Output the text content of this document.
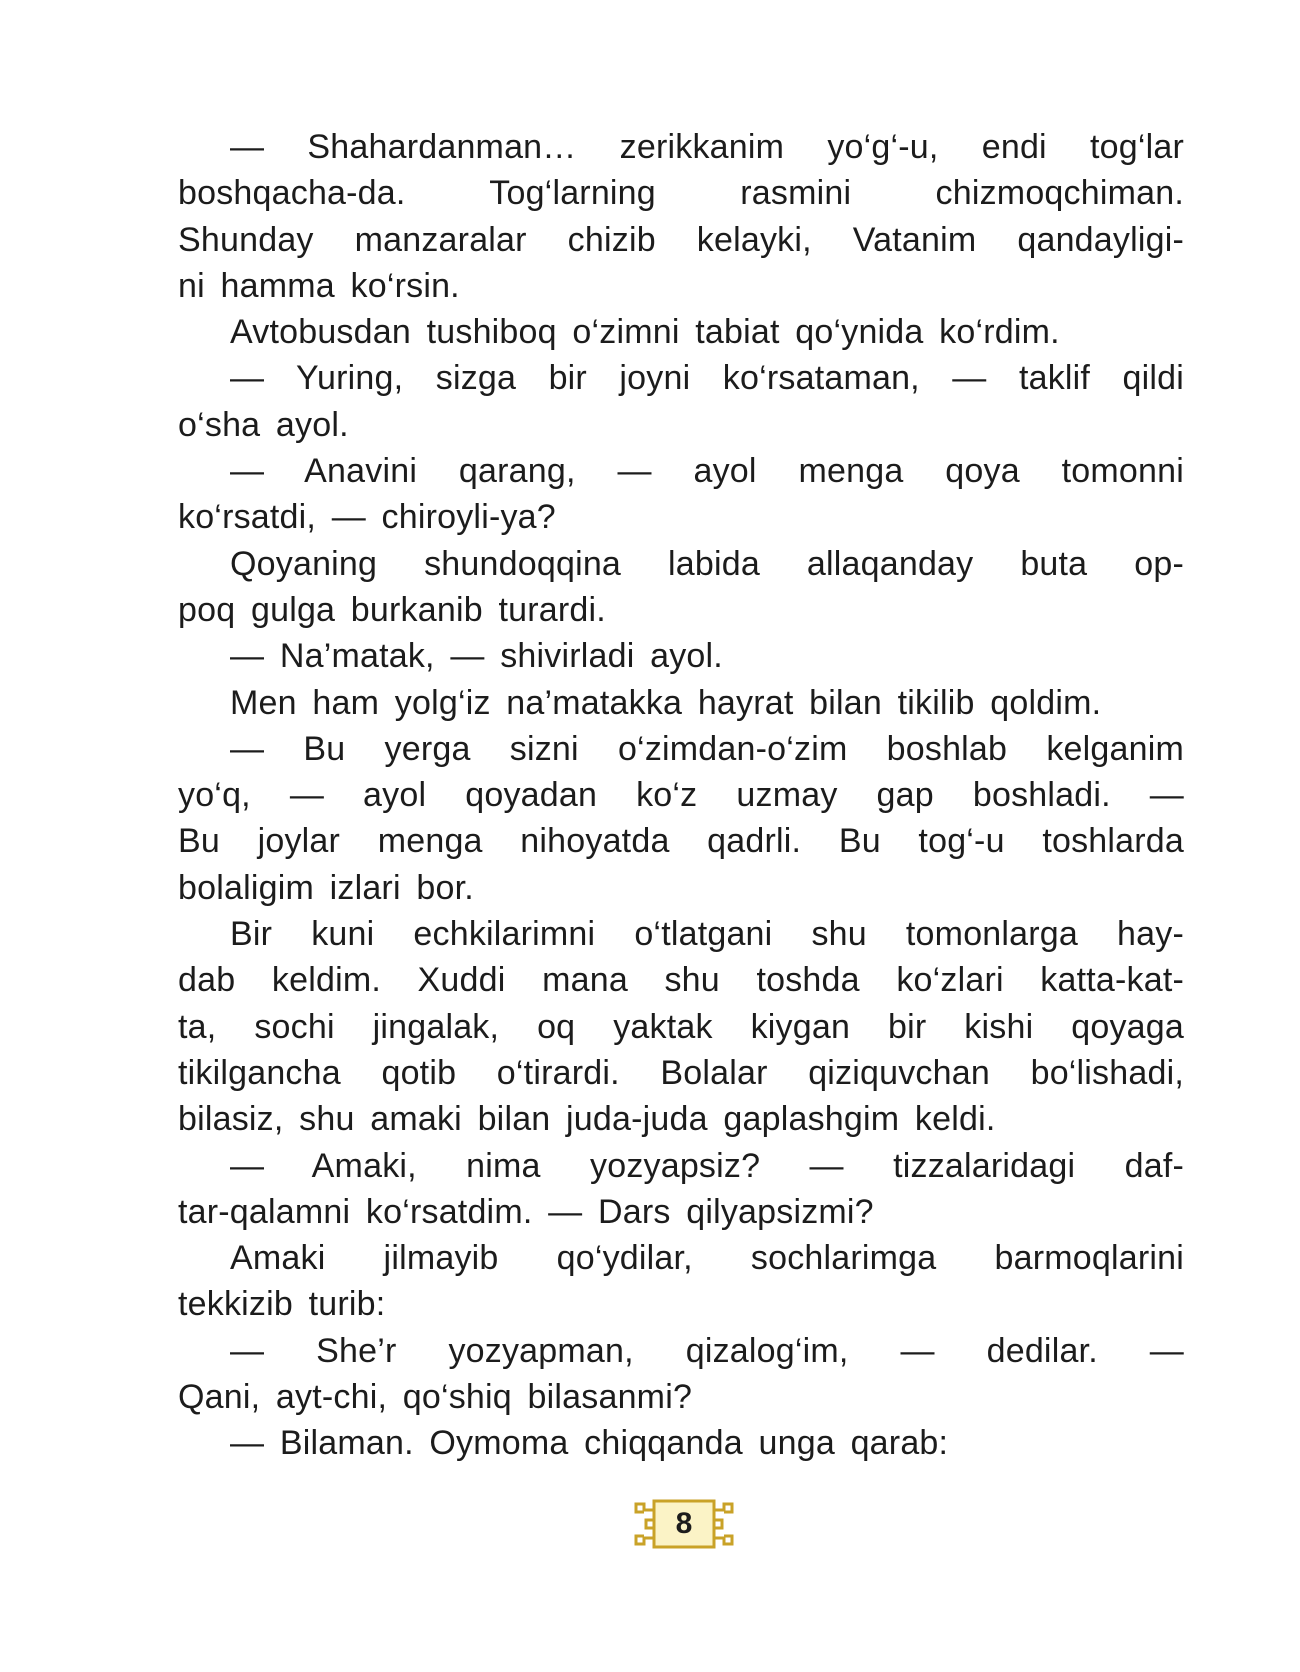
— Shahardanman… zerikkanim yo‘g‘-u, endi tog‘lar
boshqacha-da. Tog‘larning rasmini chizmoqchiman.
Shunday manzaralar chizib kelayki, Vatanim qandayligi-
ni hamma ko‘rsin.
Avtobusdan tushiboq o‘zimni tabiat qo‘ynida ko‘rdim.
— Yuring, sizga bir joyni ko‘rsataman, — taklif qildi
o‘sha ayol.
— Anavini qarang, — ayol menga qoya tomonni
ko‘rsatdi, — chiroyli-ya?
Qoyaning shundoqqina labida allaqanday buta op-
poq gulga burkanib turardi.
— Na’matak, — shivirladi ayol.
Men ham yolg‘iz na’matakka hayrat bilan tikilib qoldim.
— Bu yerga sizni o‘zimdan-o‘zim boshlab kelganim
yo‘q, — ayol qoyadan ko‘z uzmay gap boshladi. —
Bu joylar menga nihoyatda qadrli. Bu tog‘-u toshlarda
bolaligim izlari bor.
Bir kuni echkilarimni o‘tlatgani shu tomonlarga hay-
dab keldim. Xuddi mana shu toshda ko‘zlari katta-kat-
ta, sochi jingalak, oq yaktak kiygan bir kishi qoyaga
tikilgancha qotib o‘tirardi. Bolalar qiziquvchan bo‘lishadi,
bilasiz, shu amaki bilan juda-juda gaplashgim keldi.
— Amaki, nima yozyapsiz? — tizzalaridagi daf-
tar-qalamni ko‘rsatdim. — Dars qilyapsizmi?
Amaki jilmayib qo‘ydilar, sochlarimga barmoqlarini
tekkizib turib:
— She’r yozyapman, qizalog‘im, — dedilar. —
Qani, ayt-chi, qo‘shiq bilasanmi?
— Bilaman. Oymoma chiqqanda unga qarab:
8
